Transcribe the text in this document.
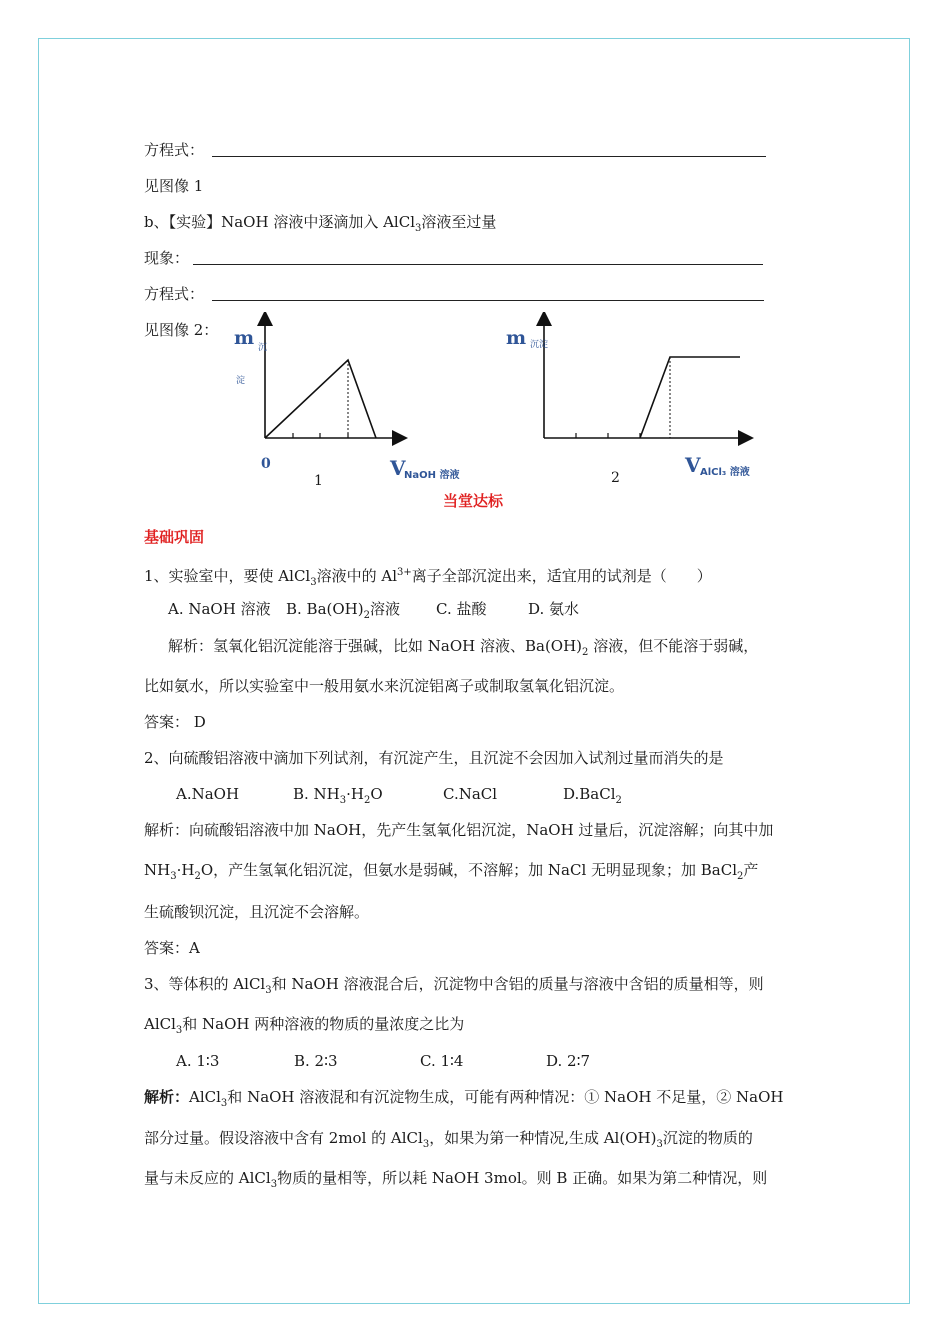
方程式：
见图像 1
b、【实验】NaOH 溶液中逐滴加入 AlCl$_3$溶液至过量
现象：
方程式：
见图像 2： m 沉
淀
0	V
NaOH 溶液
1
m 沉淀
V AlCl₃ 溶液
2
当堂达标
基础巩固
1、实验室中，要使 AlCl$_3$溶液中的 $Al^{3+}$离子全部沉淀出来，适宜用的试剂是（　　）
A. NaOH 溶液 B. $Ba(OH)_2$溶液 C. 盐酸	D. 氨水
解析：氢氧化铝沉淀能溶于强碱，比如 NaOH 溶液、$Ba(OH)_2$ 溶液，但不能溶于弱碱，
比如氨水，所以实验室中一般用氨水来沉淀铝离子或制取氢氧化铝沉淀。
答案： D
2、向硫酸铝溶液中滴加下列试剂，有沉淀产生，且沉淀不会因加入试剂过量而消失的是
A.NaOH	B. $NH_3\cdot H_2O$	C.NaCl	D.BaCl$_2$
解析：向硫酸铝溶液中加 NaOH，先产生氢氧化铝沉淀，NaOH 过量后，沉淀溶解；向其中加
$NH_3\cdot H_2O$，产生氢氧化铝沉淀，但氨水是弱碱，不溶解；加 NaCl 无明显现象；加 BaCl$_2$产
生硫酸钡沉淀，且沉淀不会溶解。
答案：A
3、等体积的 AlCl$_3$和 NaOH 溶液混合后，沉淀物中含铝的质量与溶液中含铝的质量相等，则
AlCl$_3$和 NaOH 两种溶液的物质的量浓度之比为
A. 1∶3	B. 2∶3	C. 1∶4	D. 2∶7
解析：AlCl$_3$和 NaOH 溶液混和有沉淀物生成，可能有两种情况：① NaOH 不足量，② NaOH
部分过量。假设溶液中含有 2mol 的 AlCl$_3$，如果为第一种情况,生成 $Al(OH)_3$沉淀的物质的
量与未反应的 AlCl$_3$物质的量相等，所以耗 NaOH 3mol。则 B 正确。如果为第二种情况，则
